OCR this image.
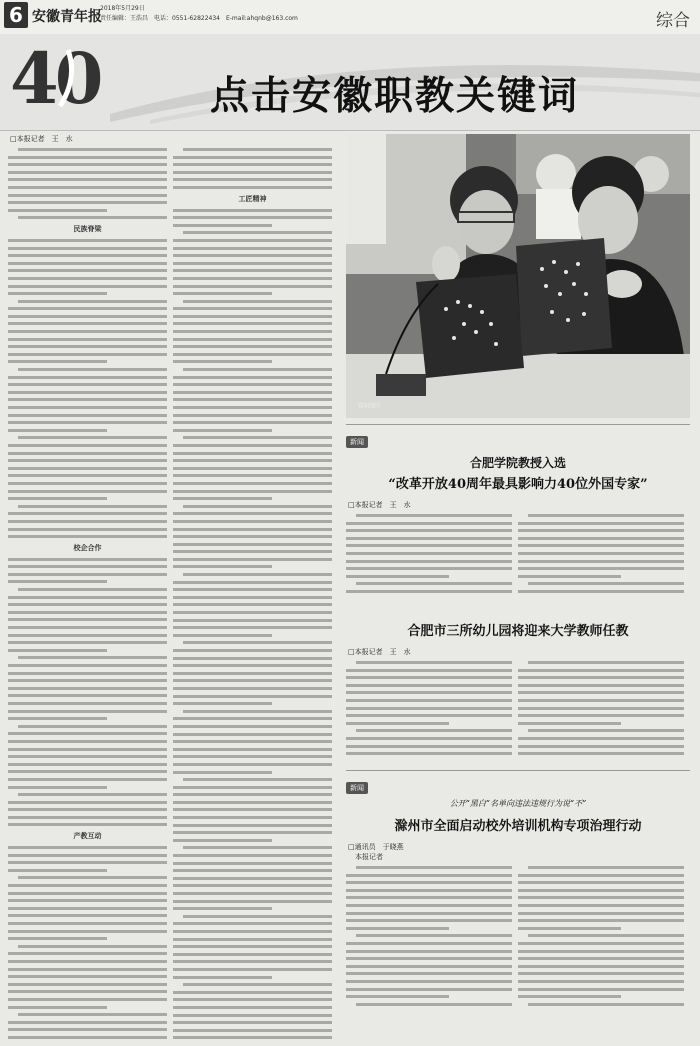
6 安徽青年报
2018年5月29日
责任编辑：王浩昌　电话：0551-62822434　E-mail:ahqnb@163.com	综合
40	点击安徽职教关键词
□本报记者　王　水
民族脊梁
校企合作
产教互动
工匠精神
资料图片
新闻
合肥学院教授入选
“改革开放40周年最具影响力40位外国专家”
□本报记者　王　水
合肥市三所幼儿园将迎来大学教师任教
□本报记者　王　水
新闻
公开“黑白”名单向违法违规行为说“不”
滁州市全面启动校外培训机构专项治理行动
□通讯员　于晓燕
　本报记者
